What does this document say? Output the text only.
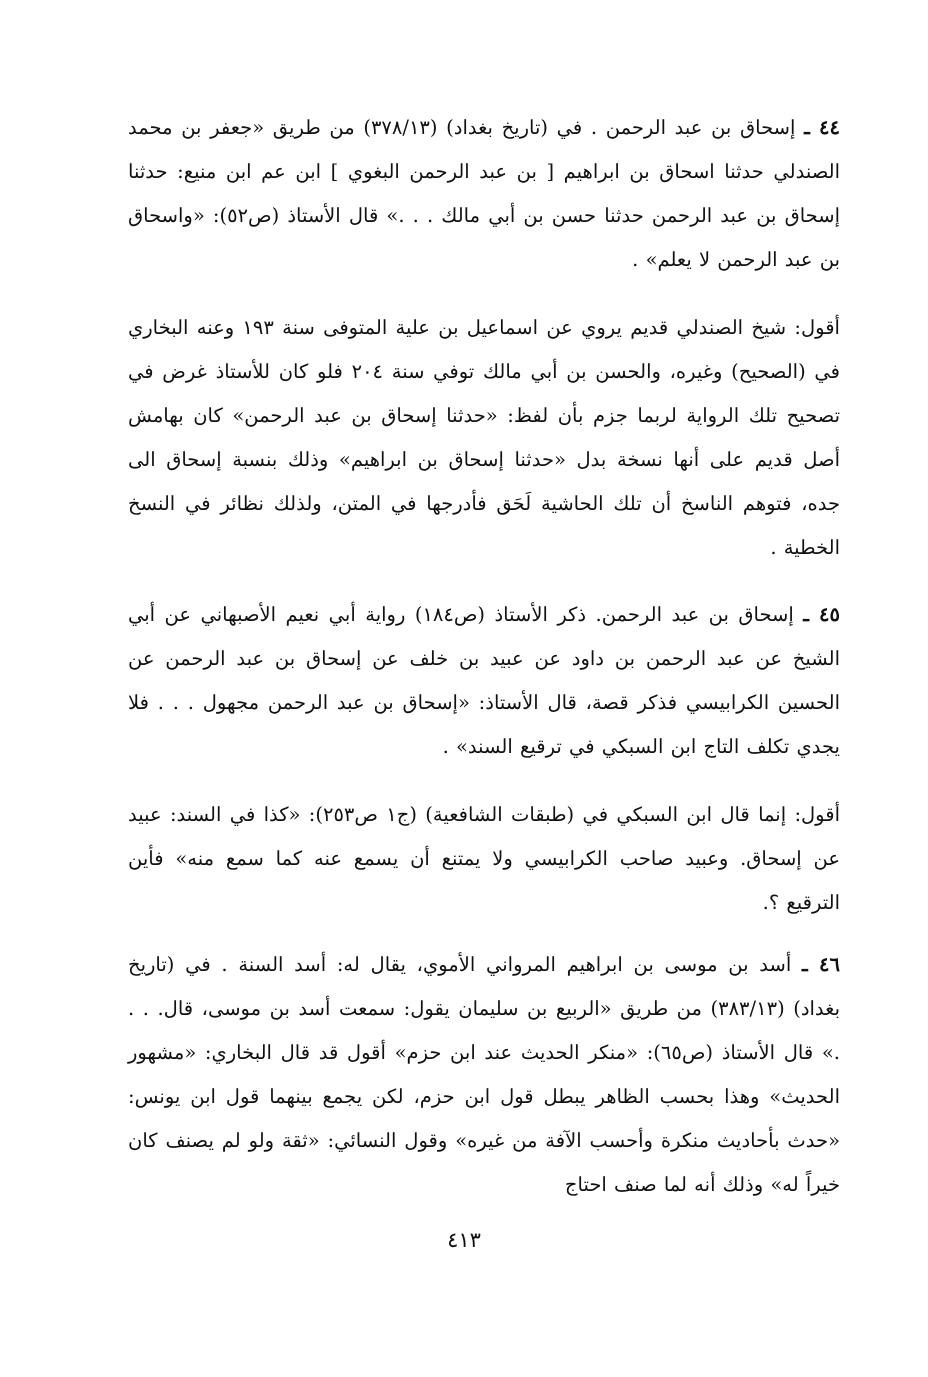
٤٤ ـ إسحاق بن عبد الرحمن . في (تاريخ بغداد) (٣٧٨/١٣) من طريق «جعفر بن محمد الصندلي حدثنا اسحاق بن ابراهيم [ بن عبد الرحمن البغوي ] ابن عم ابن منيع: حدثنا إسحاق بن عبد الرحمن حدثنا حسن بن أبي مالك . . .» قال الأستاذ (ص٥٢): «واسحاق بن عبد الرحمن لا يعلم» .

أقول: شيخ الصندلي قديم يروي عن اسماعيل بن علية المتوفى سنة ١٩٣ وعنه البخاري في (الصحيح) وغيره، والحسن بن أبي مالك توفي سنة ٢٠٤ فلو كان للأستاذ غرض في تصحيح تلك الرواية لربما جزم بأن لفظ: «حدثنا إسحاق بن عبد الرحمن» كان بهامش أصل قديم على أنها نسخة بدل «حدثنا إسحاق بن ابراهيم» وذلك بنسبة إسحاق الى جده، فتوهم الناسخ أن تلك الحاشية لَحَق فأدرجها في المتن، ولذلك نظائر في النسخ الخطية .

٤٥ ـ إسحاق بن عبد الرحمن. ذكر الأستاذ (ص١٨٤) رواية أبي نعيم الأصبهاني عن أبي الشيخ عن عبد الرحمن بن داود عن عبيد بن خلف عن إسحاق بن عبد الرحمن عن الحسين الكرابيسي فذكر قصة، قال الأستاذ: «إسحاق بن عبد الرحمن مجهول . . . فلا يجدي تكلف التاج ابن السبكي في ترقيع السند» .

أقول: إنما قال ابن السبكي في (طبقات الشافعية) (ج١ ص٢٥٣): «كذا في السند: عبيد عن إسحاق. وعبيد صاحب الكرابيسي ولا يمتنع أن يسمع عنه كما سمع منه» فأين الترقيع ؟.

٤٦ ـ أسد بن موسى بن ابراهيم المرواني الأموي، يقال له: أسد السنة . في (تاريخ بغداد) (٣٨٣/١٣) من طريق «الربيع بن سليمان يقول: سمعت أسد بن موسى، قال. . . .» قال الأستاذ (ص٦٥): «منكر الحديث عند ابن حزم» أقول قد قال البخاري: «مشهور الحديث» وهذا بحسب الظاهر يبطل قول ابن حزم، لكن يجمع بينهما قول ابن يونس: «حدث بأحاديث منكرة وأحسب الآفة من غيره» وقول النسائي: «ثقة ولو لم يصنف كان خيراً له» وذلك أنه لما صنف احتاج

٤١٣
